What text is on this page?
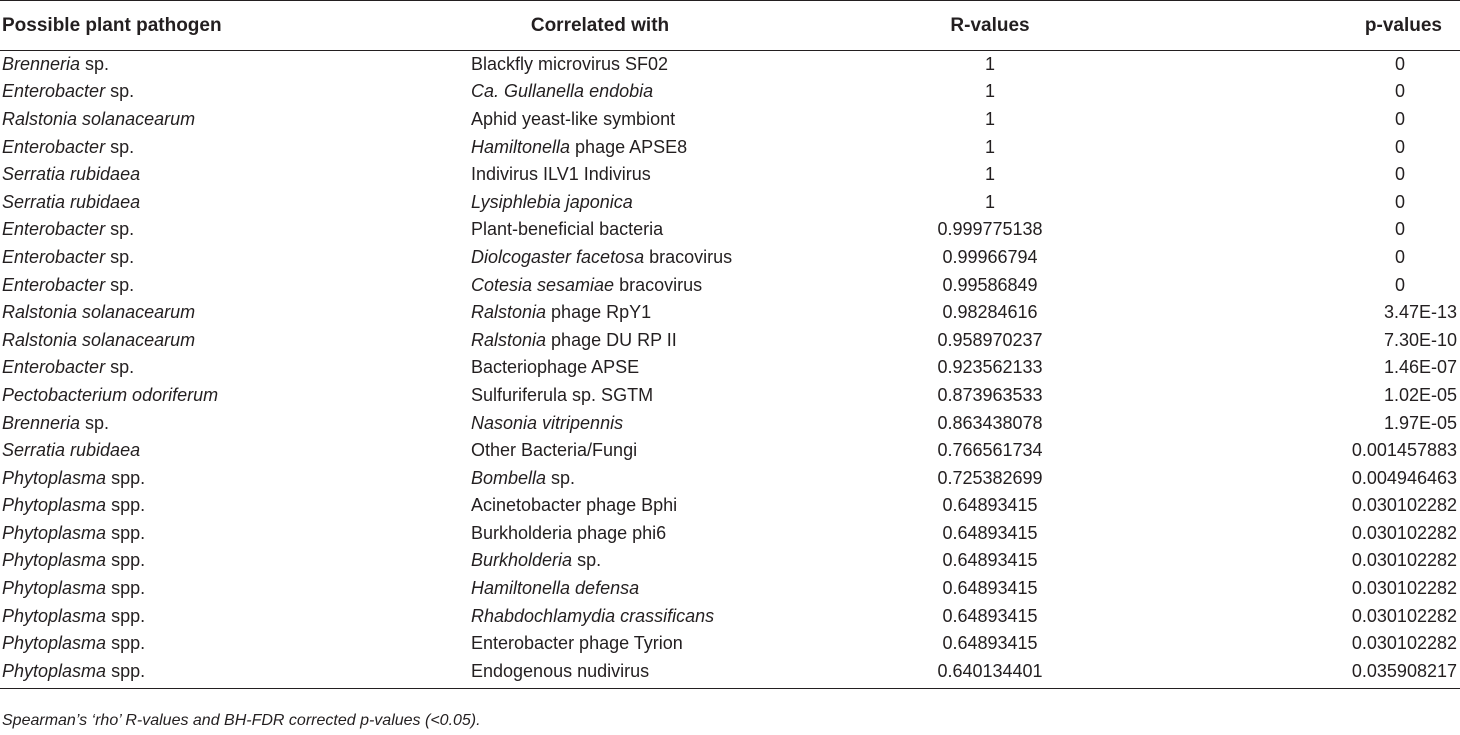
Possible plant pathogen	Correlated with	R-values	p-values
Brenneria sp.	Blackfly microvirus SF02	1	0
Enterobacter sp.	Ca. Gullanella endobia	1	0
Ralstonia solanacearum	Aphid yeast-like symbiont	1	0
Enterobacter sp.	Hamiltonella phage APSE8	1	0
Serratia rubidaea	Indivirus ILV1 Indivirus	1	0
Serratia rubidaea	Lysiphlebia japonica	1	0
Enterobacter sp.	Plant-beneficial bacteria	0.999775138	0
Enterobacter sp.	Diolcogaster facetosa bracovirus	0.99966794	0
Enterobacter sp.	Cotesia sesamiae bracovirus	0.99586849	0
Ralstonia solanacearum	Ralstonia phage RpY1	0.98284616	3.47E-13
Ralstonia solanacearum	Ralstonia phage DU RP II	0.958970237	7.30E-10
Enterobacter sp.	Bacteriophage APSE	0.923562133	1.46E-07
Pectobacterium odoriferum	Sulfuriferula sp. SGTM	0.873963533	1.02E-05
Brenneria sp.	Nasonia vitripennis	0.863438078	1.97E-05
Serratia rubidaea	Other Bacteria/Fungi	0.766561734	0.001457883
Phytoplasma spp.	Bombella sp.	0.725382699	0.004946463
Phytoplasma spp.	Acinetobacter phage Bphi	0.64893415	0.030102282
Phytoplasma spp.	Burkholderia phage phi6	0.64893415	0.030102282
Phytoplasma spp.	Burkholderia sp.	0.64893415	0.030102282
Phytoplasma spp.	Hamiltonella defensa	0.64893415	0.030102282
Phytoplasma spp.	Rhabdochlamydia crassificans	0.64893415	0.030102282
Phytoplasma spp.	Enterobacter phage Tyrion	0.64893415	0.030102282
Phytoplasma spp.	Endogenous nudivirus	0.640134401	0.035908217
Spearman’s ‘rho’ R-values and BH-FDR corrected p-values (<0.05).
